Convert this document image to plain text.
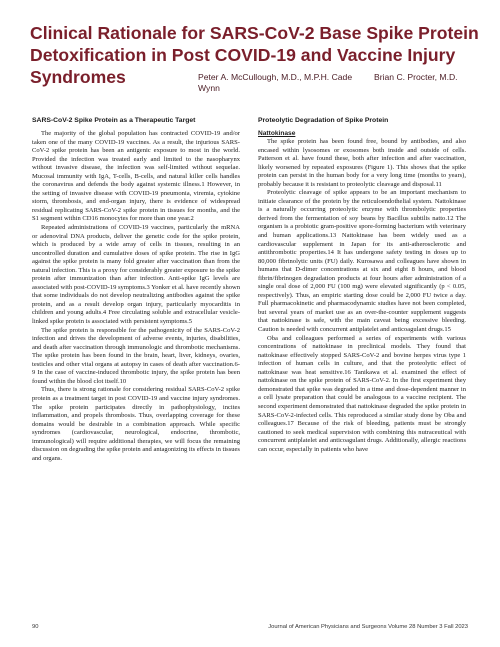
Clinical Rationale for SARS-CoV-2 Base Spike Protein Detoxification in Post COVID-19 and Vaccine Injury Syndromes	Peter A. McCullough, M.D., M.P.H. Cade Wynn
Brian C. Procter, M.D.
SARS-CoV-2 Spike Protein as a Therapeutic Target

The majority of the global population has contracted COVID-19 and/or taken one of the many COVID-19 vaccines. As a result, the injurious SARS-CoV-2 spike protein has been an antigenic exposure to most in the world. Provided the infection was treated early and limited to the nasopharynx without invasive disease, the infection was self-limited without sequelae. Mucosal immunity with IgA, T-cells, B-cells, and natural killer cells handles the coronavirus and defends the body against systemic illness.1 However, in the setting of invasive disease with COVID-19 pneumonia, viremia, cytokine storm, thrombosis, and end-organ injury, there is evidence of widespread residual replicating SARS-CoV-2 spike protein in tissues for months, and the S1 segment within CD16 monocytes for more than one year.2

Repeated administrations of COVID-19 vaccines, particularly the mRNA or adenoviral DNA products, deliver the genetic code for the spike protein, which is produced by a wide array of cells in tissues, resulting in an uncontrolled duration and cumulative doses of spike protein. The rise in IgG against the spike protein is many fold greater after vaccination than from the natural infection. This is a proxy for considerably greater exposure to the spike protein after immunization than after infection. Anti-spike IgG levels are associated with post-COVID-19 symptoms.3 Yonker et al. have recently shown that some individuals do not develop neutralizing antibodies against the spike protein, and as a result develop organ injury, particularly myocarditis in children and young adults.4 Free circulating soluble and extracellular vesicle-linked spike protein is associated with persistent symptoms.5

The spike protein is responsible for the pathogenicity of the SARS-CoV-2 infection and drives the development of adverse events, injuries, disabilities, and death after vaccination through immunologic and thrombotic mechanisms. The spike protein has been found in the brain, heart, liver, kidneys, ovaries, testicles and other vital organs at autopsy in cases of death after vaccination.6-9 In the case of vaccine-induced thrombotic injury, the spike protein has been found within the blood clot itself.10

Thus, there is strong rationale for considering residual SARS-CoV-2 spike protein as a treatment target in post COVID-19 and vaccine injury syndromes. The spike protein participates directly in pathophysiology, incites inflammation, and propels thrombosis. Thus, overlapping coverage for these domains would be desirable in a combination approach. While specific syndromes (cardiovascular, neurological, endocrine, thrombotic, immunological) will require additional therapies, we will focus the remaining discussion on degrading the spike protein and antagonizing its effects in tissues and organs.

Proteolytic Degradation of Spike Protein
Nattokinase

The spike protein has been found free, bound by antibodies, and also encased within lysosomes or exosomes both inside and outside of cells. Patterson et al. have found these, both after infection and after vaccination, likely worsened by repeated exposures (Figure 1). This shows that the spike protein can persist in the human body for a very long time (months to years), probably because it is resistant to proteolytic cleavage and disposal.11

Proteolytic cleavage of spike appears to be an important mechanism to initiate clearance of the protein by the reticuloendothelial system. Nattokinase is a naturally occurring proteolytic enzyme with thrombolytic properties derived from the fermentation of soy beans by Bacillus subtilis natto.12 The organism is a probiotic gram-positive spore-forming bacterium with veterinary and human applications.13 Nattokinase has been widely used as a cardiovascular supplement in Japan for its anti-atherosclerotic and antithrombotic properties.14 It has undergone safety testing in doses up to 80,000 fibrinolytic units (FU) daily. Kurosawa and colleagues have shown in humans that D-dimer concentrations at six and eight 8 hours, and blood fibrin/fibrinogen degradation products at four hours after administration of a single oral dose of 2,000 FU (100 mg) were elevated significantly (p < 0.05, respectively). Thus, an empiric starting dose could be 2,000 FU twice a day. Full pharmacokinetic and pharmacodynamic studies have not been completed, but several years of market use as an over-the-counter supplement suggests that nattokinase is safe, with the main caveat being excessive bleeding. Caution is needed with concurrent antiplatelet and anticoagulant drugs.15

Oba and colleagues performed a series of experiments with various concentrations of nattokinase in preclinical models. They found that nattokinase effectively stopped SARS-CoV-2 and bovine herpes virus type 1 infection of human cells in culture, and that the proteolytic effect of nattokinase was heat sensitive.16 Tanikawa et al. examined the effect of nattokinase on the spike protein of SARS-CoV-2. In the first experiment they demonstrated that spike was degraded in a time and dose-dependent manner in a cell lysate preparation that could be analogous to a vaccine recipient. The second experiment demonstrated that nattokinase degraded the spike protein in SARS-CoV-2-infected cells. This reproduced a similar study done by Oba and colleagues.17 Because of the risk of bleeding, patients must be strongly cautioned to seek medical supervision with combining this nutraceutical with concurrent antiplatelet and anticoagulant drugs. Additionally, allergic reactions can occur, especially in patients who have

90	Journal of American Physicians and Surgeons Volume 28 Number 3 Fall 2023
